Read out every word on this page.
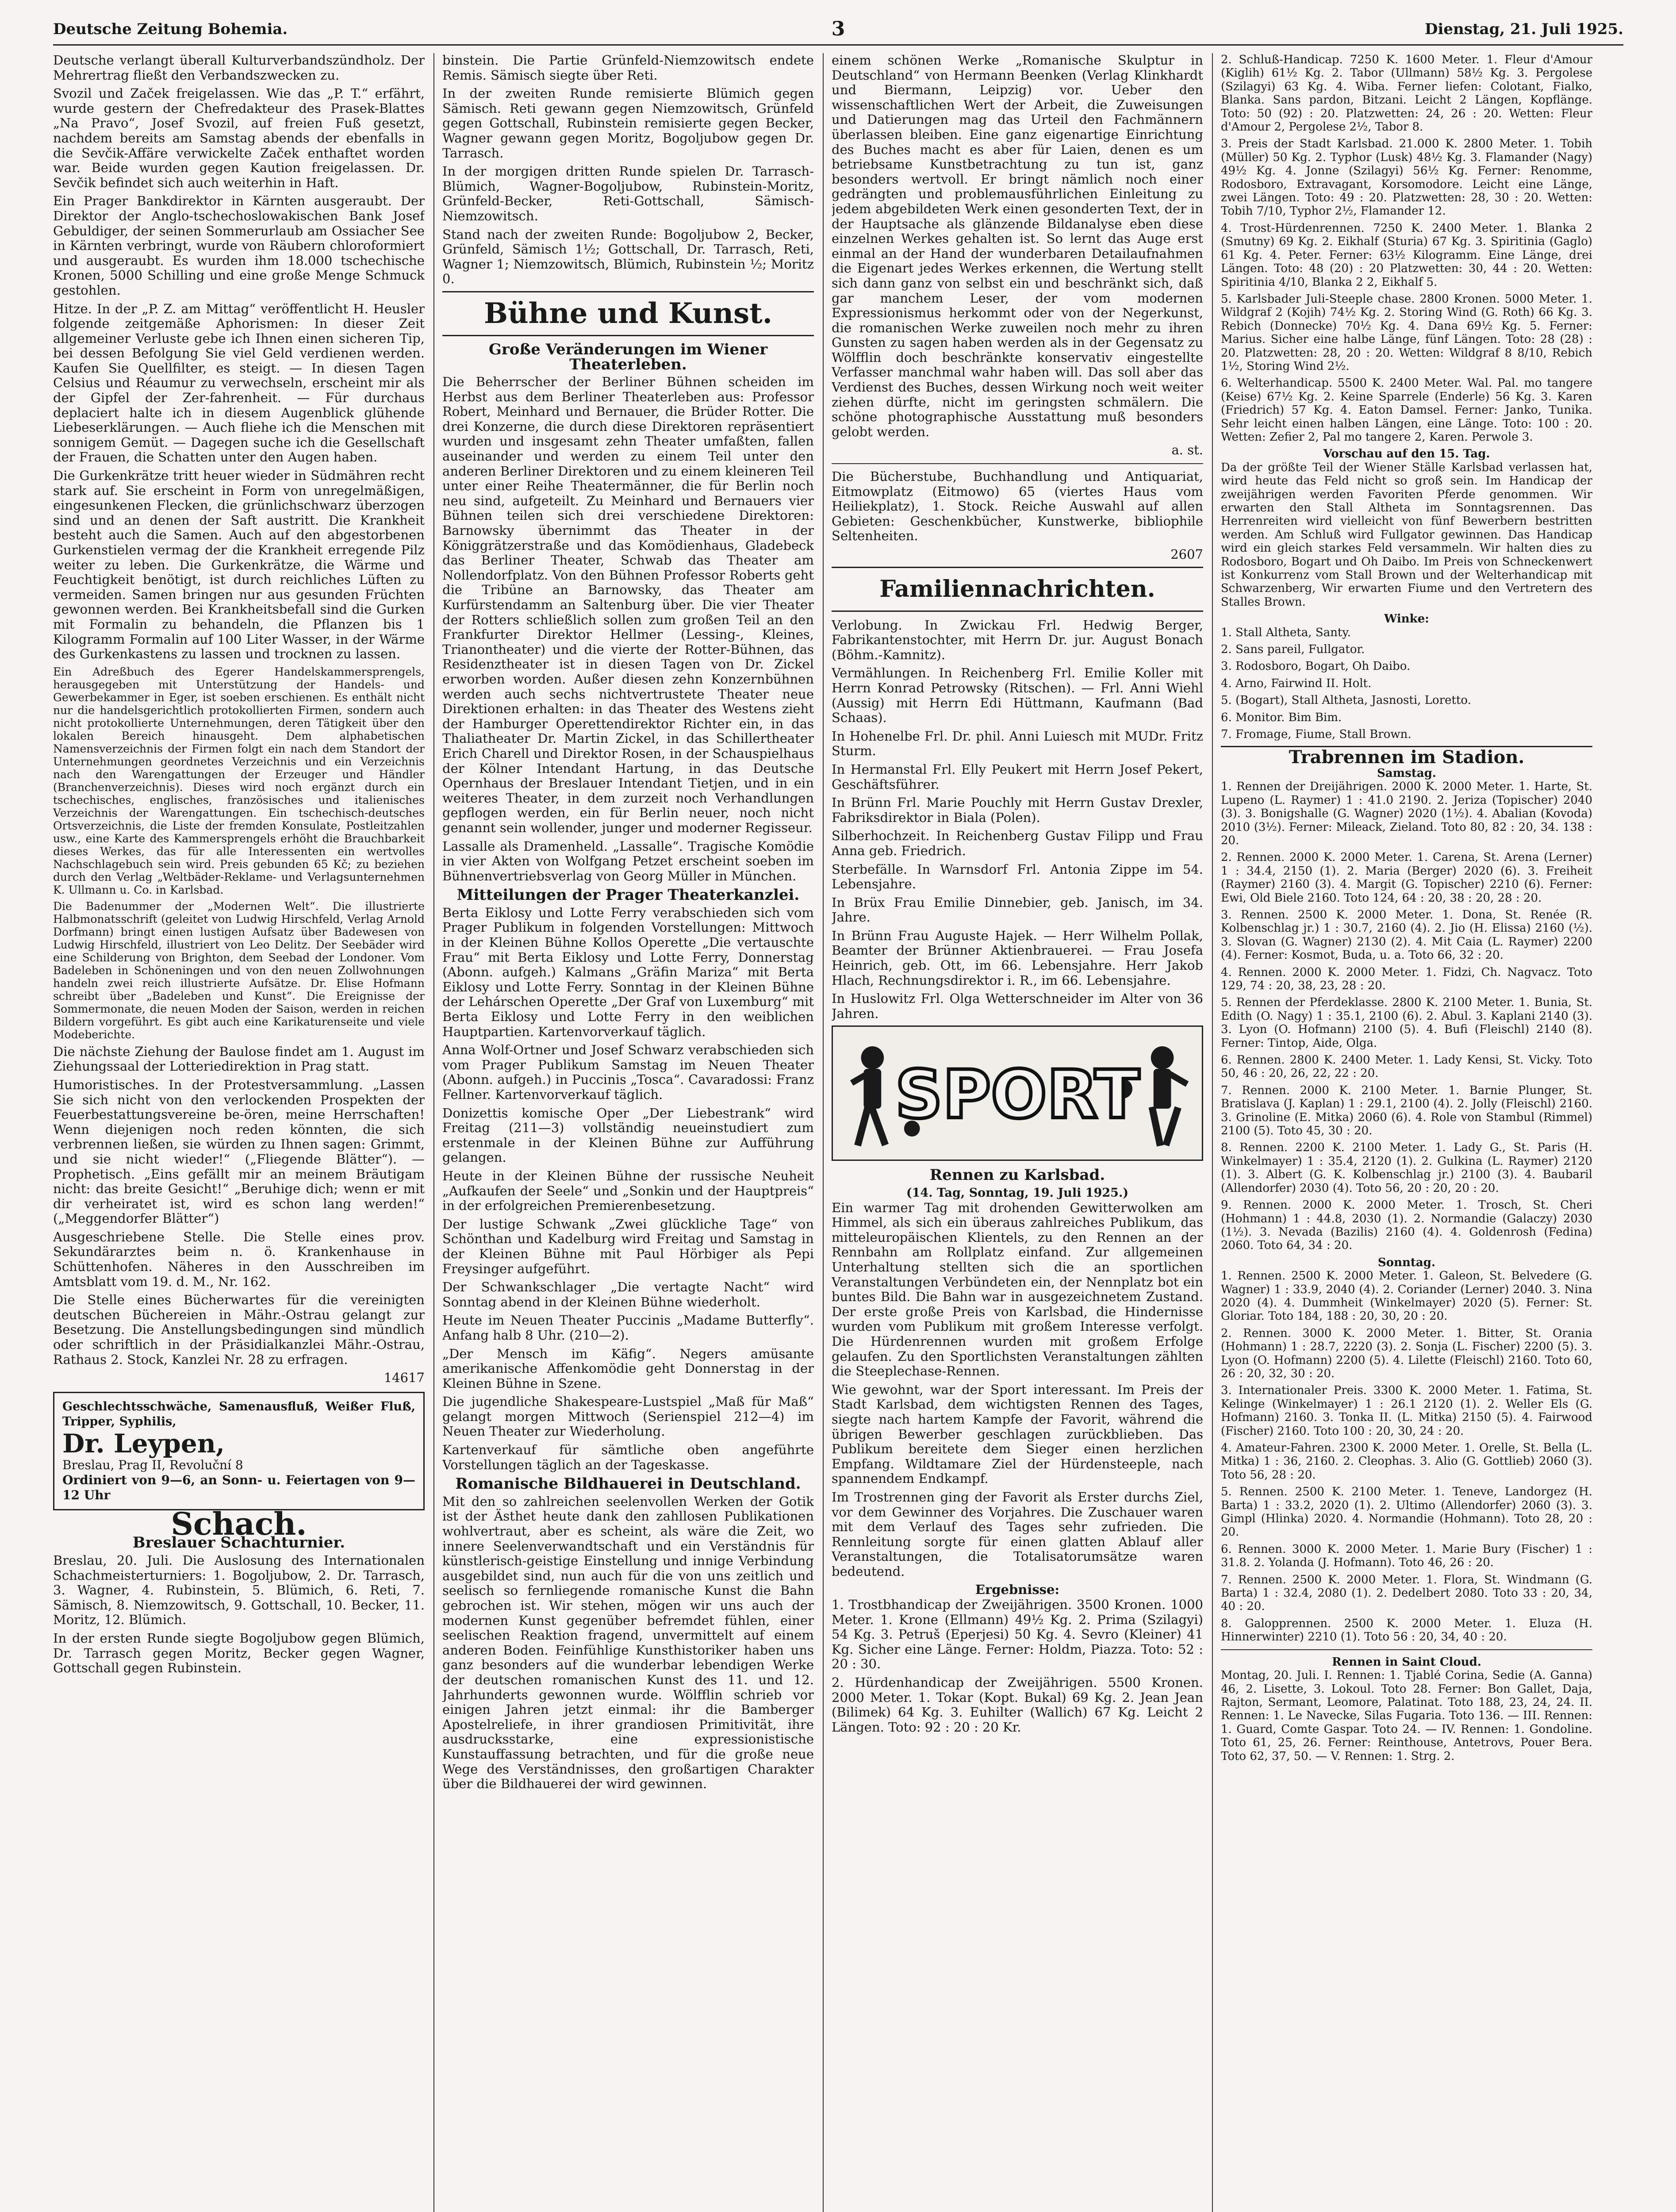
Deutsche Zeitung Bohemia.	3	Dienstag, 21. Juli 1925.

Deutsche verlangt überall Kulturverbandszündholz. Der Mehrertrag fließt den Verbandszwecken zu.

Svozil und Začek freigelassen. Wie das „P. T.“ erfährt, wurde gestern der Chefredakteur des Prasek-Blattes „Na Pravo“, Josef Svozil, auf freien Fuß gesetzt, nachdem bereits am Samstag abends der ebenfalls in die Sevčik-Affäre verwickelte Začek enthaftet worden war. Beide wurden gegen Kaution freigelassen. Dr. Sevčik befindet sich auch weiterhin in Haft.

Ein Prager Bankdirektor in Kärnten ausgeraubt. Der Direktor der Anglo-tschechoslowakischen Bank Josef Gebuldiger, der seinen Sommerurlaub am Ossiacher See in Kärnten verbringt, wurde von Räubern chloroformiert und ausgeraubt. Es wurden ihm 18.000 tschechische Kronen, 5000 Schilling und eine große Menge Schmuck gestohlen.

Hitze. In der „P. Z. am Mittag“ veröffentlicht H. Heusler folgende zeitgemäße Aphorismen: In dieser Zeit allgemeiner Verluste gebe ich Ihnen einen sicheren Tip, bei dessen Befolgung Sie viel Geld verdienen werden. Kaufen Sie Quellfilter, es steigt. — In diesen Tagen Celsius und Réaumur zu verwechseln, erscheint mir als der Gipfel der Zer-fahrenheit. — Für durchaus deplaciert halte ich in diesem Augenblick glühende Liebeserklärungen. — Auch fliehe ich die Menschen mit sonnigem Gemüt. — Dagegen suche ich die Gesellschaft der Frauen, die Schatten unter den Augen haben.

Die Gurkenkrätze tritt heuer wieder in Südmähren recht stark auf. Sie erscheint in Form von unregelmäßigen, eingesunkenen Flecken, die grünlichschwarz überzogen sind und an denen der Saft austritt. Die Krankheit besteht auch die Samen. Auch auf den abgestorbenen Gurkenstielen vermag der die Krankheit erregende Pilz weiter zu leben. Die Gurkenkrätze, die Wärme und Feuchtigkeit benötigt, ist durch reichliches Lüften zu vermeiden. Samen bringen nur aus gesunden Früchten gewonnen werden. Bei Krankheitsbefall sind die Gurken mit Formalin zu behandeln, die Pflanzen bis 1 Kilogramm Formalin auf 100 Liter Wasser, in der Wärme des Gurkenkastens zu lassen und trocknen zu lassen.

Ein Adreßbuch des Egerer Handelskammersprengels, herausgegeben mit Unterstützung der Handels- und Gewerbekammer in Eger, ist soeben erschienen. Es enthält nicht nur die handelsgerichtlich protokollierten Firmen, sondern auch nicht protokollierte Unternehmungen, deren Tätigkeit über den lokalen Bereich hinausgeht. Dem alphabetischen Namensverzeichnis der Firmen folgt ein nach dem Standort der Unternehmungen geordnetes Verzeichnis und ein Verzeichnis nach den Warengattungen der Erzeuger und Händler (Branchenverzeichnis). Dieses wird noch ergänzt durch ein tschechisches, englisches, französisches und italienisches Verzeichnis der Warengattungen. Ein tschechisch-deutsches Ortsverzeichnis, die Liste der fremden Konsulate, Postleitzahlen usw., eine Karte des Kammersprengels erhöht die Brauchbarkeit dieses Werkes, das für alle Interessenten ein wertvolles Nachschlagebuch sein wird. Preis gebunden 65 Kč; zu beziehen durch den Verlag „Weltbäder-Reklame- und Verlagsunternehmen K. Ullmann u. Co. in Karlsbad.

Die Badenummer der „Modernen Welt“. Die illustrierte Halbmonatsschrift (geleitet von Ludwig Hirschfeld, Verlag Arnold Dorfmann) bringt einen lustigen Aufsatz über Badewesen von Ludwig Hirschfeld, illustriert von Leo Delitz. Der Seebäder wird eine Schilderung von Brighton, dem Seebad der Londoner. Vom Badeleben in Schöneningen und von den neuen Zollwohnungen handeln zwei reich illustrierte Aufsätze. Dr. Elise Hofmann schreibt über „Badeleben und Kunst“. Die Ereignisse der Sommermonate, die neuen Moden der Saison, werden in reichen Bildern vorgeführt. Es gibt auch eine Karikaturenseite und viele Modeberichte.

Die nächste Ziehung der Baulose findet am 1. August im Ziehungssaal der Lotteriedirektion in Prag statt.

Humoristisches. In der Protestversammlung. „Lassen Sie sich nicht von den verlockenden Prospekten der Feuerbestattungsvereine be-ören, meine Herrschaften! Wenn diejenigen noch reden könnten, die sich verbrennen ließen, sie würden zu Ihnen sagen: Grimmt, und sie nicht wieder!“ („Fliegende Blätter“). — Prophetisch. „Eins gefällt mir an meinem Bräutigam nicht: das breite Gesicht!“ „Beruhige dich; wenn er mit dir verheiratet ist, wird es schon lang werden!“ („Meggendorfer Blätter“)

Ausgeschriebene Stelle. Die Stelle eines prov. Sekundärarztes beim n. ö. Krankenhause in Schüttenhofen. Näheres in den Ausschreiben im Amtsblatt vom 19. d. M., Nr. 162.

Die Stelle eines Bücherwartes für die vereinigten deutschen Büchereien in Mähr.-Ostrau gelangt zur Besetzung. Die Anstellungsbedingungen sind mündlich oder schriftlich in der Präsidialkanzlei Mähr.-Ostrau, Rathaus 2. Stock, Kanzlei Nr. 28 zu erfragen.

14617
Geschlechtsschwäche, Samenausfluß, Weißer Fluß, Tripper, Syphilis,
Dr. Leypen,
Breslau, Prag II, Revoluční 8
Ordiniert von 9—6, an Sonn- u. Feiertagen von 9—12 Uhr
Schach.
Breslauer Schachturnier.

Breslau, 20. Juli. Die Auslosung des Internationalen Schachmeisterturniers: 1. Bogoljubow, 2. Dr. Tarrasch, 3. Wagner, 4. Rubinstein, 5. Blümich, 6. Reti, 7. Sämisch, 8. Niemzowitsch, 9. Gottschall, 10. Becker, 11. Moritz, 12. Blümich.

In der ersten Runde siegte Bogoljubow gegen Blümich, Dr. Tarrasch gegen Moritz, Becker gegen Wagner, Gottschall gegen Rubinstein.

binstein. Die Partie Grünfeld-Niemzowitsch endete Remis. Sämisch siegte über Reti.

In der zweiten Runde remisierte Blümich gegen Sämisch. Reti gewann gegen Niemzowitsch, Grünfeld gegen Gottschall, Rubinstein remisierte gegen Becker, Wagner gewann gegen Moritz, Bogoljubow gegen Dr. Tarrasch.

In der morgigen dritten Runde spielen Dr. Tarrasch-Blümich, Wagner-Bogoljubow, Rubinstein-Moritz, Grünfeld-Becker, Reti-Gottschall, Sämisch-Niemzowitsch.

Stand nach der zweiten Runde: Bogoljubow 2, Becker, Grünfeld, Sämisch 1½; Gottschall, Dr. Tarrasch, Reti, Wagner 1; Niemzowitsch, Blümich, Rubinstein ½; Moritz 0.

Bühne und Kunst.
Große Veränderungen im Wiener Theaterleben.

Die Beherrscher der Berliner Bühnen scheiden im Herbst aus dem Berliner Theaterleben aus: Professor Robert, Meinhard und Bernauer, die Brüder Rotter. Die drei Konzerne, die durch diese Direktoren repräsentiert wurden und insgesamt zehn Theater umfaßten, fallen auseinander und werden zu einem Teil unter den anderen Berliner Direktoren und zu einem kleineren Teil unter einer Reihe Theatermänner, die für Berlin noch neu sind, aufgeteilt. Zu Meinhard und Bernauers vier Bühnen teilen sich drei verschiedene Direktoren: Barnowsky übernimmt das Theater in der Königgrätzerstraße und das Komödienhaus, Gladebeck das Berliner Theater, Schwab das Theater am Nollendorfplatz. Von den Bühnen Professor Roberts geht die Tribüne an Barnowsky, das Theater am Kurfürstendamm an Saltenburg über. Die vier Theater der Rotters schließlich sollen zum großen Teil an den Frankfurter Direktor Hellmer (Lessing-, Kleines, Trianontheater) und die vierte der Rotter-Bühnen, das Residenztheater ist in diesen Tagen von Dr. Zickel erworben worden. Außer diesen zehn Konzernbühnen werden auch sechs nichtvertrustete Theater neue Direktionen erhalten: in das Theater des Westens zieht der Hamburger Operettendirektor Richter ein, in das Thaliatheater Dr. Martin Zickel, in das Schillertheater Erich Charell und Direktor Rosen, in der Schauspielhaus der Kölner Intendant Hartung, in das Deutsche Opernhaus der Breslauer Intendant Tietjen, und in ein weiteres Theater, in dem zurzeit noch Verhandlungen gepflogen werden, ein für Berlin neuer, noch nicht genannt sein wollender, junger und moderner Regisseur.

Lassalle als Dramenheld. „Lassalle“. Tragische Komödie in vier Akten von Wolfgang Petzet erscheint soeben im Bühnenvertriebsverlag von Georg Müller in München.

Mitteilungen der Prager Theaterkanzlei.

Berta Eiklosy und Lotte Ferry verabschieden sich vom Prager Publikum in folgenden Vorstellungen: Mittwoch in der Kleinen Bühne Kollos Operette „Die vertauschte Frau“ mit Berta Eiklosy und Lotte Ferry, Donnerstag (Abonn. aufgeh.) Kalmans „Gräfin Mariza“ mit Berta Eiklosy und Lotte Ferry. Sonntag in der Kleinen Bühne der Lehárschen Operette „Der Graf von Luxemburg“ mit Berta Eiklosy und Lotte Ferry in den weiblichen Hauptpartien. Kartenvorverkauf täglich.

Anna Wolf-Ortner und Josef Schwarz verabschieden sich vom Prager Publikum Samstag im Neuen Theater (Abonn. aufgeh.) in Puccinis „Tosca“. Cavaradossi: Franz Fellner. Kartenvorverkauf täglich.

Donizettis komische Oper „Der Liebestrank“ wird Freitag (211—3) vollständig neueinstudiert zum erstenmale in der Kleinen Bühne zur Aufführung gelangen.

Heute in der Kleinen Bühne der russische Neuheit „Aufkaufen der Seele“ und „Sonkin und der Hauptpreis“ in der erfolgreichen Premierenbesetzung.

Der lustige Schwank „Zwei glückliche Tage“ von Schönthan und Kadelburg wird Freitag und Samstag in der Kleinen Bühne mit Paul Hörbiger als Pepi Freysinger aufgeführt.

Der Schwankschlager „Die vertagte Nacht“ wird Sonntag abend in der Kleinen Bühne wiederholt.

Heute im Neuen Theater Puccinis „Madame Butterfly“. Anfang halb 8 Uhr. (210—2).

„Der Mensch im Käfig“. Negers amüsante amerikanische Affenkomödie geht Donnerstag in der Kleinen Bühne in Szene.

Die jugendliche Shakespeare-Lustspiel „Maß für Maß“ gelangt morgen Mittwoch (Serienspiel 212—4) im Neuen Theater zur Wiederholung.

Kartenverkauf für sämtliche oben angeführte Vorstellungen täglich an der Tageskasse.

Romanische Bildhauerei in Deutschland.

Mit den so zahlreichen seelenvollen Werken der Gotik ist der Ästhet heute dank den zahllosen Publikationen wohlvertraut, aber es scheint, als wäre die Zeit, wo innere Seelenverwandtschaft und ein Verständnis für künstlerisch-geistige Einstellung und innige Verbindung ausgebildet sind, nun auch für die von uns zeitlich und seelisch so fernliegende romanische Kunst die Bahn gebrochen ist. Wir stehen, mögen wir uns auch der modernen Kunst gegenüber befremdet fühlen, einer seelischen Reaktion fragend, unvermittelt auf einem anderen Boden. Feinfühlige Kunsthistoriker haben uns ganz besonders auf die wunderbar lebendigen Werke der deutschen romanischen Kunst des 11. und 12. Jahrhunderts gewonnen wurde. Wölfflin schrieb vor einigen Jahren jetzt einmal: ihr die Bamberger Apostelreliefe, in ihrer grandiosen Primitivität, ihre ausdrucksstarke, eine expressionistische Kunstauffassung betrachten, und für die große neue Wege des Verständnisses, den großartigen Charakter über die Bildhauerei der wird gewinnen.

einem schönen Werke „Romanische Skulptur in Deutschland“ von Hermann Beenken (Verlag Klinkhardt und Biermann, Leipzig) vor. Ueber den wissenschaftlichen Wert der Arbeit, die Zuweisungen und Datierungen mag das Urteil den Fachmännern überlassen bleiben. Eine ganz eigenartige Einrichtung des Buches macht es aber für Laien, denen es um betriebsame Kunstbetrachtung zu tun ist, ganz besonders wertvoll. Er bringt nämlich noch einer gedrängten und problemausführlichen Einleitung zu jedem abgebildeten Werk einen gesonderten Text, der in der Hauptsache als glänzende Bildanalyse eben diese einzelnen Werkes gehalten ist. So lernt das Auge erst einmal an der Hand der wunderbaren Detailaufnahmen die Eigenart jedes Werkes erkennen, die Wertung stellt sich dann ganz von selbst ein und beschränkt sich, daß gar manchem Leser, der vom modernen Expressionismus herkommt oder von der Negerkunst, die romanischen Werke zuweilen noch mehr zu ihren Gunsten zu sagen haben werden als in der Gegensatz zu Wölfflin doch beschränkte konservativ eingestellte Verfasser manchmal wahr haben will. Das soll aber das Verdienst des Buches, dessen Wirkung noch weit weiter ziehen dürfte, nicht im geringsten schmälern. Die schöne photographische Ausstattung muß besonders gelobt werden.

a. st.

Die Bücherstube, Buchhandlung und Antiquariat, Eitmowplatz (Eitmowo) 65 (viertes Haus vom Heiliekplatz), 1. Stock. Reiche Auswahl auf allen Gebieten: Geschenkbücher, Kunstwerke, bibliophile Seltenheiten.

2607
Familiennachrichten.

Verlobung. In Zwickau Frl. Hedwig Berger, Fabrikantenstochter, mit Herrn Dr. jur. August Bonach (Böhm.-Kamnitz).

Vermählungen. In Reichenberg Frl. Emilie Koller mit Herrn Konrad Petrowsky (Ritschen). — Frl. Anni Wiehl (Aussig) mit Herrn Edi Hüttmann, Kaufmann (Bad Schaas).

In Hohenelbe Frl. Dr. phil. Anni Luiesch mit MUDr. Fritz Sturm.

In Hermanstal Frl. Elly Peukert mit Herrn Josef Pekert, Geschäftsführer.

In Brünn Frl. Marie Pouchly mit Herrn Gustav Drexler, Fabriksdirektor in Biala (Polen).

Silberhochzeit. In Reichenberg Gustav Filipp und Frau Anna geb. Friedrich.

Sterbefälle. In Warnsdorf Frl. Antonia Zippe im 54. Lebensjahre.

In Brüx Frau Emilie Dinnebier, geb. Janisch, im 34. Jahre.

In Brünn Frau Auguste Hajek. — Herr Wilhelm Pollak, Beamter der Brünner Aktienbrauerei. — Frau Josefa Heinrich, geb. Ott, im 66. Lebensjahre. Herr Jakob Hlach, Rechnungsdirektor i. R., im 66. Lebensjahre.

In Huslowitz Frl. Olga Wetterschneider im Alter von 36 Jahren.

SPORT
Rennen zu Karlsbad.
(14. Tag, Sonntag, 19. Juli 1925.)

Ein warmer Tag mit drohenden Gewitterwolken am Himmel, als sich ein überaus zahlreiches Publikum, das mitteleuropäischen Klientels, zu den Rennen an der Rennbahn am Rollplatz einfand. Zur allgemeinen Unterhaltung stellten sich die an sportlichen Veranstaltungen Verbündeten ein, der Nennplatz bot ein buntes Bild. Die Bahn war in ausgezeichnetem Zustand. Der erste große Preis von Karlsbad, die Hindernisse wurden vom Publikum mit großem Interesse verfolgt. Die Hürdenrennen wurden mit großem Erfolge gelaufen. Zu den Sportlichsten Veranstaltungen zählten die Steeplechase-Rennen.

Wie gewohnt, war der Sport interessant. Im Preis der Stadt Karlsbad, dem wichtigsten Rennen des Tages, siegte nach hartem Kampfe der Favorit, während die übrigen Bewerber geschlagen zurückblieben. Das Publikum bereitete dem Sieger einen herzlichen Empfang. Wildtamare Ziel der Hürdensteeple, nach spannendem Endkampf.

Im Trostrennen ging der Favorit als Erster durchs Ziel, vor dem Gewinner des Vorjahres. Die Zuschauer waren mit dem Verlauf des Tages sehr zufrieden. Die Rennleitung sorgte für einen glatten Ablauf aller Veranstaltungen, die Totalisatorumsätze waren bedeutend.

Ergebnisse:

1. Trostbhandicap der Zweijährigen. 3500 Kronen. 1000 Meter. 1. Krone (Ellmann) 49½ Kg. 2. Prima (Szilagyi) 54 Kg. 3. Petruš (Eperjesi) 50 Kg. 4. Sevro (Kleiner) 41 Kg. Sicher eine Länge. Ferner: Holdm, Piazza. Toto: 52 : 20 : 30.

2. Hürdenhandicap der Zweijährigen. 5500 Kronen. 2000 Meter. 1. Tokar (Kopt. Bukal) 69 Kg. 2. Jean Jean (Bilimek) 64 Kg. 3. Euhilter (Wallich) 67 Kg. Leicht 2 Längen. Toto: 92 : 20 : 20 Kr.

2. Schluß-Handicap. 7250 K. 1600 Meter. 1. Fleur d'Amour (Kiglih) 61½ Kg. 2. Tabor (Ullmann) 58½ Kg. 3. Pergolese (Szilagyi) 63 Kg. 4. Wiba. Ferner liefen: Colotant, Fialko, Blanka. Sans pardon, Bitzani. Leicht 2 Längen, Kopflänge. Toto: 50 (92) : 20. Platzwetten: 24, 26 : 20. Wetten: Fleur d'Amour 2, Pergolese 2½, Tabor 8.

3. Preis der Stadt Karlsbad. 21.000 K. 2800 Meter. 1. Tobih (Müller) 50 Kg. 2. Typhor (Lusk) 48½ Kg. 3. Flamander (Nagy) 49½ Kg. 4. Jonne (Szilagyi) 56½ Kg. Ferner: Renomme, Rodosboro, Extravagant, Korsomodore. Leicht eine Länge, zwei Längen. Toto: 49 : 20. Platzwetten: 28, 30 : 20. Wetten: Tobih 7/10, Typhor 2½, Flamander 12.

4. Trost-Hürdenrennen. 7250 K. 2400 Meter. 1. Blanka 2 (Smutny) 69 Kg. 2. Eikhalf (Sturia) 67 Kg. 3. Spiritinia (Gaglo) 61 Kg. 4. Peter. Ferner: 63½ Kilogramm. Eine Länge, drei Längen. Toto: 48 (20) : 20 Platzwetten: 30, 44 : 20. Wetten: Spiritinia 4/10, Blanka 2 2, Eikhalf 5.

5. Karlsbader Juli-Steeple chase. 2800 Kronen. 5000 Meter. 1. Wildgraf 2 (Kojih) 74½ Kg. 2. Storing Wind (G. Roth) 66 Kg. 3. Rebich (Donnecke) 70½ Kg. 4. Dana 69½ Kg. 5. Ferner: Marius. Sicher eine halbe Länge, fünf Längen. Toto: 28 (28) : 20. Platzwetten: 28, 20 : 20. Wetten: Wildgraf 8 8/10, Rebich 1½, Storing Wind 2½.

6. Welterhandicap. 5500 K. 2400 Meter. Wal. Pal. mo tangere (Keise) 67½ Kg. 2. Keine Sparrele (Enderle) 56 Kg. 3. Karen (Friedrich) 57 Kg. 4. Eaton Damsel. Ferner: Janko, Tunika. Sehr leicht einen halben Längen, eine Länge. Toto: 100 : 20. Wetten: Zefier 2, Pal mo tangere 2, Karen. Perwole 3.

Vorschau auf den 15. Tag.

Da der größte Teil der Wiener Ställe Karlsbad verlassen hat, wird heute das Feld nicht so groß sein. Im Handicap der zweijährigen werden Favoriten Pferde genommen. Wir erwarten den Stall Altheta im Sonntagsrennen. Das Herrenreiten wird vielleicht von fünf Bewerbern bestritten werden. Am Schluß wird Fullgator gewinnen. Das Handicap wird ein gleich starkes Feld versammeln. Wir halten dies zu Rodosboro, Bogart und Oh Daibo. Im Preis von Schneckenwert ist Konkurrenz vom Stall Brown und der Welterhandicap mit Schwarzenberg, Wir erwarten Fiume und den Vertretern des Stalles Brown.

Winke:

1. Stall Altheta, Santy.

2. Sans pareil, Fullgator.

3. Rodosboro, Bogart, Oh Daibo.

4. Arno, Fairwind II. Holt.

5. (Bogart), Stall Altheta, Jasnosti, Loretto.

6. Monitor. Bim Bim.

7. Fromage, Fiume, Stall Brown.

Trabrennen im Stadion.
Samstag.

1. Rennen der Dreijährigen. 2000 K. 2000 Meter. 1. Harte, St. Lupeno (L. Raymer) 1 : 41.0 2190. 2. Jeriza (Topischer) 2040 (3). 3. Bonigshalle (G. Wagner) 2020 (1½). 4. Abalian (Kovoda) 2010 (3½). Ferner: Mileack, Zieland. Toto 80, 82 : 20, 34. 138 : 20.

2. Rennen. 2000 K. 2000 Meter. 1. Carena, St. Arena (Lerner) 1 : 34.4, 2150 (1). 2. Maria (Berger) 2020 (6). 3. Freiheit (Raymer) 2160 (3). 4. Margit (G. Topischer) 2210 (6). Ferner: Ewi, Old Biele 2160. Toto 124, 64 : 20, 38 : 20, 28 : 20.

3. Rennen. 2500 K. 2000 Meter. 1. Dona, St. Renée (R. Kolbenschlag jr.) 1 : 30.7, 2160 (4). 2. Jio (H. Elissa) 2160 (½). 3. Slovan (G. Wagner) 2130 (2). 4. Mit Caia (L. Raymer) 2200 (4). Ferner: Kosmot, Buda, u. a. Toto 66, 32 : 20.

4. Rennen. 2000 K. 2000 Meter. 1. Fidzi, Ch. Nagvacz. Toto 129, 74 : 20, 38, 23, 28 : 20.

5. Rennen der Pferdeklasse. 2800 K. 2100 Meter. 1. Bunia, St. Edith (O. Nagy) 1 : 35.1, 2100 (6). 2. Abul. 3. Kaplani 2140 (3). 3. Lyon (O. Hofmann) 2100 (5). 4. Bufi (Fleischl) 2140 (8). Ferner: Tintop, Aide, Olga.

6. Rennen. 2800 K. 2400 Meter. 1. Lady Kensi, St. Vicky. Toto 50, 46 : 20, 26, 22, 22 : 20.

7. Rennen. 2000 K. 2100 Meter. 1. Barnie Plunger, St. Bratislava (J. Kaplan) 1 : 29.1, 2100 (4). 2. Jolly (Fleischl) 2160. 3. Grinoline (E. Mitka) 2060 (6). 4. Role von Stambul (Rimmel) 2100 (5). Toto 45, 30 : 20.

8. Rennen. 2200 K. 2100 Meter. 1. Lady G., St. Paris (H. Winkelmayer) 1 : 35.4, 2120 (1). 2. Gulkina (L. Raymer) 2120 (1). 3. Albert (G. K. Kolbenschlag jr.) 2100 (3). 4. Baubaril (Allendorfer) 2030 (4). Toto 56, 20 : 20, 20 : 20.

9. Rennen. 2000 K. 2000 Meter. 1. Trosch, St. Cheri (Hohmann) 1 : 44.8, 2030 (1). 2. Normandie (Galaczy) 2030 (1½). 3. Nevada (Bazilis) 2160 (4). 4. Goldenrosh (Fedina) 2060. Toto 64, 34 : 20.

Sonntag.

1. Rennen. 2500 K. 2000 Meter. 1. Galeon, St. Belvedere (G. Wagner) 1 : 33.9, 2040 (4). 2. Coriander (Lerner) 2040. 3. Nina 2020 (4). 4. Dummheit (Winkelmayer) 2020 (5). Ferner: St. Gloriar. Toto 184, 188 : 20, 30, 20 : 20.

2. Rennen. 3000 K. 2000 Meter. 1. Bitter, St. Orania (Hohmann) 1 : 28.7, 2220 (3). 2. Sonja (L. Fischer) 2200 (5). 3. Lyon (O. Hofmann) 2200 (5). 4. Lilette (Fleischl) 2160. Toto 60, 26 : 20, 32, 30 : 20.

3. Internationaler Preis. 3300 K. 2000 Meter. 1. Fatima, St. Kelinge (Winkelmayer) 1 : 26.1 2120 (1). 2. Weller Els (G. Hofmann) 2160. 3. Tonka II. (L. Mitka) 2150 (5). 4. Fairwood (Fischer) 2160. Toto 100 : 20, 30, 24 : 20.

4. Amateur-Fahren. 2300 K. 2000 Meter. 1. Orelle, St. Bella (L. Mitka) 1 : 36, 2160. 2. Cleophas. 3. Alio (G. Gottlieb) 2060 (3). Toto 56, 28 : 20.

5. Rennen. 2500 K. 2100 Meter. 1. Teneve, Landorgez (H. Barta) 1 : 33.2, 2020 (1). 2. Ultimo (Allendorfer) 2060 (3). 3. Gimpl (Hlinka) 2020. 4. Normandie (Hohmann). Toto 28, 20 : 20.

6. Rennen. 3000 K. 2000 Meter. 1. Marie Bury (Fischer) 1 : 31.8. 2. Yolanda (J. Hofmann). Toto 46, 26 : 20.

7. Rennen. 2500 K. 2000 Meter. 1. Flora, St. Windmann (G. Barta) 1 : 32.4, 2080 (1). 2. Dedelbert 2080. Toto 33 : 20, 34, 40 : 20.

8. Galopprennen. 2500 K. 2000 Meter. 1. Eluza (H. Hinnerwinter) 2210 (1). Toto 56 : 20, 34, 40 : 20.

Rennen in Saint Cloud.

Montag, 20. Juli. I. Rennen: 1. Tjablé Corina, Sedie (A. Ganna) 46, 2. Lisette, 3. Lokoul. Toto 28. Ferner: Bon Gallet, Daja, Rajton, Sermant, Leomore, Palatinat. Toto 188, 23, 24, 24. II. Rennen: 1. Le Navecke, Silas Fugaria. Toto 136. — III. Rennen: 1. Guard, Comte Gaspar. Toto 24. — IV. Rennen: 1. Gondoline. Toto 61, 25, 26. Ferner: Reinthouse, Antetrovs, Pouer Bera. Toto 62, 37, 50. — V. Rennen: 1. Strg. 2.
